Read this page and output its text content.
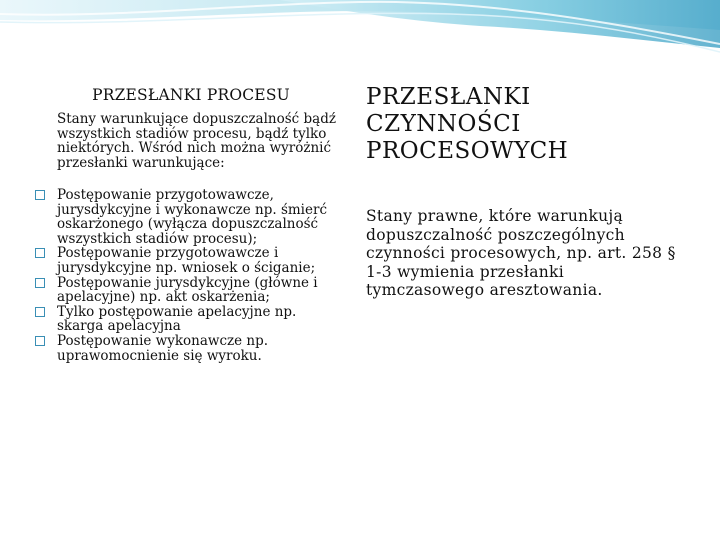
PRZESŁANKI PROCESU

Stany warunkujące dopuszczalność bądź wszystkich stadiów procesu, bądź tylko niektórych. Wśród nich można wyróżnić przesłanki warunkujące:

Postępowanie przygotowawcze, jurysdykcyjne i wykonawcze np. śmierć oskarżonego (wyłącza dopuszczalność wszystkich stadiów procesu);
Postępowanie przygotowawcze i jurysdykcyjne np. wniosek o ściganie;
Postępowanie jurysdykcyjne (główne i apelacyjne) np. akt oskarżenia;
Tylko postępowanie apelacyjne np. skarga apelacyjna
Postępowanie wykonawcze np. uprawomocnienie się wyroku.
PRZESŁANKI CZYNNOŚCI PROCESOWYCH

Stany prawne, które warunkują dopuszczalność poszczególnych czynności procesowych, np. art. 258 § 1-3 wymienia przesłanki tymczasowego aresztowania.
